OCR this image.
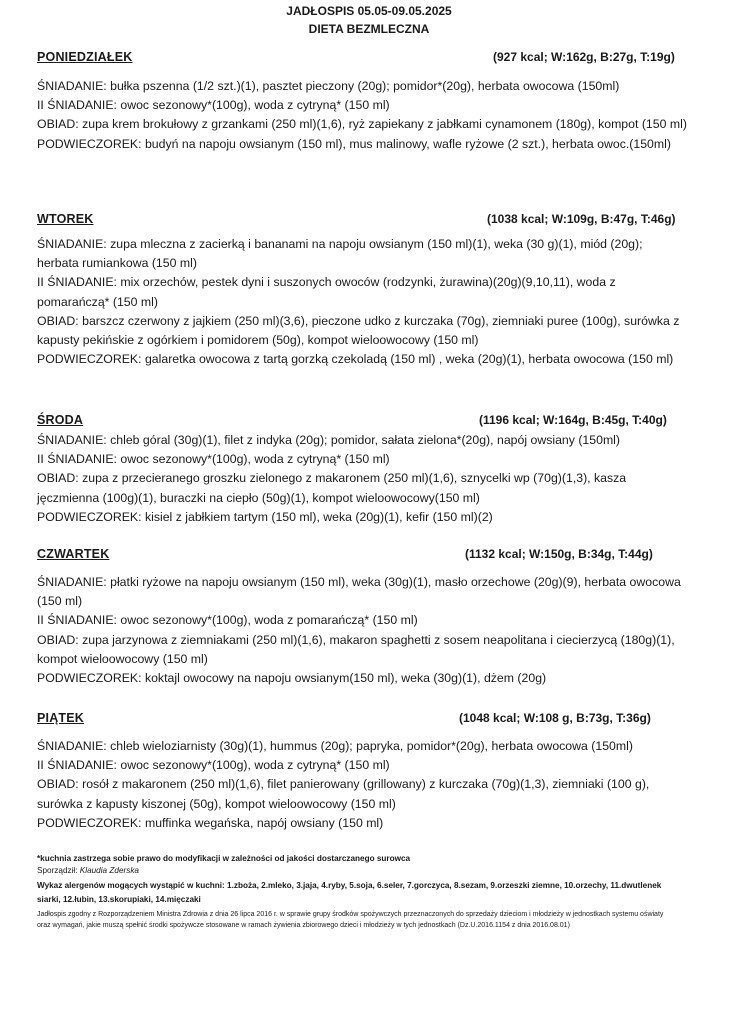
JADŁOSPIS 05.05-09.05.2025
DIETA BEZMLECZNA
PONIEDZIAŁEK	(927 kcal; W:162g, B:27g, T:19g)
ŚNIADANIE: bułka pszenna (1/2 szt.)(1), pasztet pieczony (20g); pomidor*(20g), herbata owocowa (150ml)
II ŚNIADANIE: owoc sezonowy*(100g), woda z cytryną* (150 ml)
OBIAD: zupa krem brokułowy z grzankami (250 ml)(1,6), ryż zapiekany z jabłkami cynamonem (180g), kompot (150 ml)
PODWIECZOREK: budyń na napoju owsianym (150 ml), mus malinowy, wafle ryżowe (2 szt.), herbata owoc.(150ml)
WTOREK	(1038 kcal; W:109g, B:47g, T:46g)
ŚNIADANIE: zupa mleczna z zacierką i bananami na napoju owsianym (150 ml)(1), weka (30 g)(1), miód (20g); herbata rumiankowa (150 ml)
II ŚNIADANIE: mix orzechów, pestek dyni i suszonych owoców (rodzynki, żurawina)(20g)(9,10,11), woda z pomarańczą* (150 ml)
OBIAD: barszcz czerwony z jajkiem (250 ml)(3,6), pieczone udko z kurczaka (70g), ziemniaki puree (100g), surówka z kapusty pekińskie z ogórkiem i pomidorem (50g), kompot wieloowocowy (150 ml)
PODWIECZOREK: galaretka owocowa z tartą gorzką czekoladą (150 ml) , weka (20g)(1), herbata owocowa (150 ml)
ŚRODA	(1196 kcal; W:164g, B:45g, T:40g)
ŚNIADANIE: chleb góral (30g)(1), filet z indyka (20g); pomidor, sałata zielona*(20g), napój owsiany (150ml)
II ŚNIADANIE: owoc sezonowy*(100g), woda z cytryną* (150 ml)
OBIAD: zupa z przecieranego groszku zielonego z makaronem (250 ml)(1,6), sznycelki wp (70g)(1,3), kasza jęczmienna (100g)(1), buraczki na ciepło (50g)(1), kompot wieloowocowy(150 ml)
PODWIECZOREK: kisiel z jabłkiem tartym (150 ml), weka (20g)(1), kefir (150 ml)(2)
CZWARTEK	(1132 kcal; W:150g, B:34g, T:44g)
ŚNIADANIE: płatki ryżowe na napoju owsianym (150 ml), weka (30g)(1), masło orzechowe (20g)(9), herbata owocowa (150 ml)
II ŚNIADANIE: owoc sezonowy*(100g), woda z pomarańczą* (150 ml)
OBIAD: zupa jarzynowa z ziemniakami (250 ml)(1,6), makaron spaghetti z sosem neapolitana i ciecierzycą (180g)(1), kompot wieloowocowy (150 ml)
PODWIECZOREK: koktajl owocowy na napoju owsianym(150 ml), weka (30g)(1), dżem (20g)
PIĄTEK	(1048 kcal; W:108 g, B:73g, T:36g)
ŚNIADANIE: chleb wieloziarnisty (30g)(1), hummus (20g); papryka, pomidor*(20g), herbata owocowa (150ml)
II ŚNIADANIE: owoc sezonowy*(100g), woda z cytryną* (150 ml)
OBIAD: rosół z makaronem (250 ml)(1,6), filet panierowany (grillowany) z kurczaka (70g)(1,3), ziemniaki (100 g), surówka z kapusty kiszonej (50g), kompot wieloowocowy (150 ml)
PODWIECZOREK: muffinka wegańska, napój owsiany (150 ml)
*kuchnia zastrzega sobie prawo do modyfikacji w zależności od jakości dostarczanego surowca
Sporządził: Klaudia Zderska
Wykaz alergenów mogących wystąpić w kuchni: 1.zboża, 2.mleko, 3.jaja, 4.ryby, 5.soja, 6.seler, 7.gorczyca, 8.sezam, 9.orzeszki ziemne, 10.orzechy, 11.dwutlenek siarki, 12.łubin, 13.skorupiaki, 14.mięczaki
Jadłospis zgodny z Rozporządzeniem Ministra Zdrowia z dnia 26 lipca 2016 r. w sprawie grupy środków spożywczych przeznaczonych do sprzedaży dzieciom i młodzieży w jednostkach systemu oświaty oraz wymagań, jakie muszą spełnić środki spożywcze stosowane w ramach żywienia zbiorowego dzieci i młodzieży w tych jednostkach (Dz.U.2016.1154 z dnia 2016.08.01)
